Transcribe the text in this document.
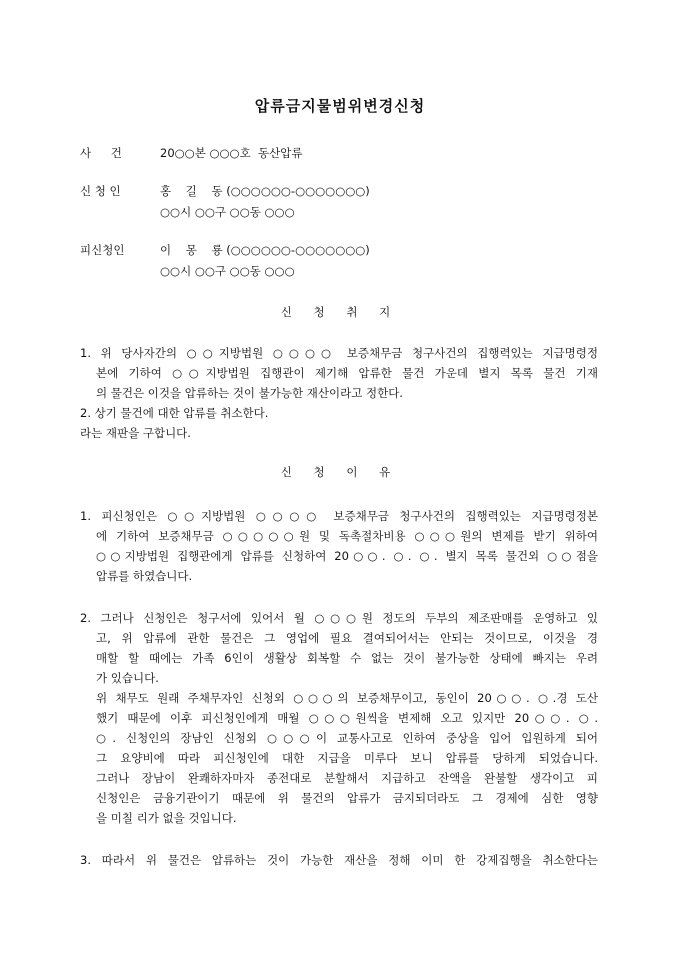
압류금지물범위변경신청
사    건	20○○본 ○○○호  동산압류
신 청 인	홍    길    동 (○○○○○○-○○○○○○○)
○○시 ○○구 ○○동 ○○○
피신청인	이    몽    룡 (○○○○○○-○○○○○○○)
○○시 ○○구 ○○동 ○○○
신 청 취 지
1. 위 당사자간의 ○○지방법원 ○○○○ 보증채무금 청구사건의 집행력있는 지급명령정
본에 기하여 ○○지방법원 집행관이 제기해 압류한 물건 가운데 별지 목록 물건 기재
의 물건은 이것을 압류하는 것이 불가능한 재산이라고 정한다.
2. 상기 물건에 대한 압류를 취소한다.
라는 재판을 구합니다.
신 청 이 유
1. 피신청인은 ○○지방법원 ○○○○ 보증채무금 청구사건의 집행력있는 지급명령정본
에 기하여 보증채무금 ○○○○○원 및 독촉절차비용 ○○○원의 변제를 받기 위하여
○○지방법원 집행관에게 압류를 신청하여 20○○. ○. ○. 별지 목록 물건외 ○○점을
압류를 하였습니다.
2. 그러나 신청인은 청구서에 있어서 월 ○○○원 정도의 두부의 제조판매를 운영하고 있
고, 위 압류에 관한 물건은 그 영업에 필요 결여되어서는 안되는 것이므로, 이것을 경
매할 할 때에는 가족 6인이 생활상 회복할 수 없는 것이 불가능한 상태에 빠지는 우려
가 있습니다.
위 채무도 원래 주채무자인 신청외 ○○○의 보증채무이고, 동인이 20○○. ○.경 도산
했기 때문에 이후 피신청인에게 매월 ○○○원씩을 변제해 오고 있지만 20○○. ○.
○. 신청인의 장남인 신청외 ○○○이 교통사고로 인하여 중상을 입어 입원하게 되어
그 요양비에 따라 피신청인에 대한 지급을 미루다 보니 압류를 당하게 되었습니다.
그러나 장남이 완쾌하자마자 종전대로 분할해서 지급하고 잔액을 완불할 생각이고 피
신청인은 금융기관이기 때문에 위 물건의 압류가 금지되더라도 그 경제에 심한 영향
을 미칠 리가 없을 것입니다.
3. 따라서 위 물건은 압류하는 것이 가능한 재산을 정해 이미 한 강제집행을 취소한다는
